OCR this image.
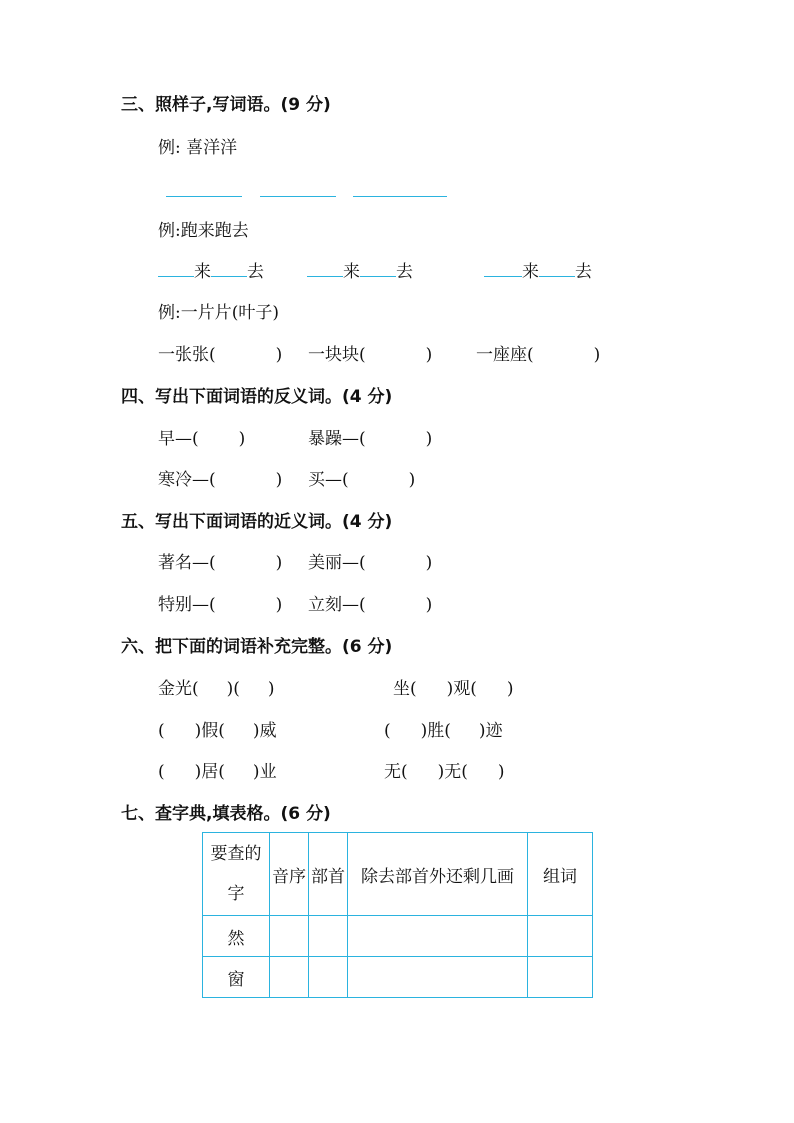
三、照样子,写词语。(9 分)
例: 喜洋洋
例:跑来跑去
来 去	来 去	来 去
例:一片片(叶子)
一张张(	) 一块块(	)	一座座(	)
四、写出下面词语的反义词。(4 分)
早—( )	暴躁—(	)
寒冷—(	) 买—(	)
五、写出下面词语的近义词。(4 分)
著名—(	) 美丽—(	)
特别—(	) 立刻—(	)
六、把下面的词语补充完整。(6 分)
金光( )( )	坐( )观( )
( )假( )威	( )胜( )迹
( )居( )业	无( )无( )
七、查字典,填表格。(6 分)
要查的
字	音序	部首	除去部首外还剩几画	组词
然				
窗				
